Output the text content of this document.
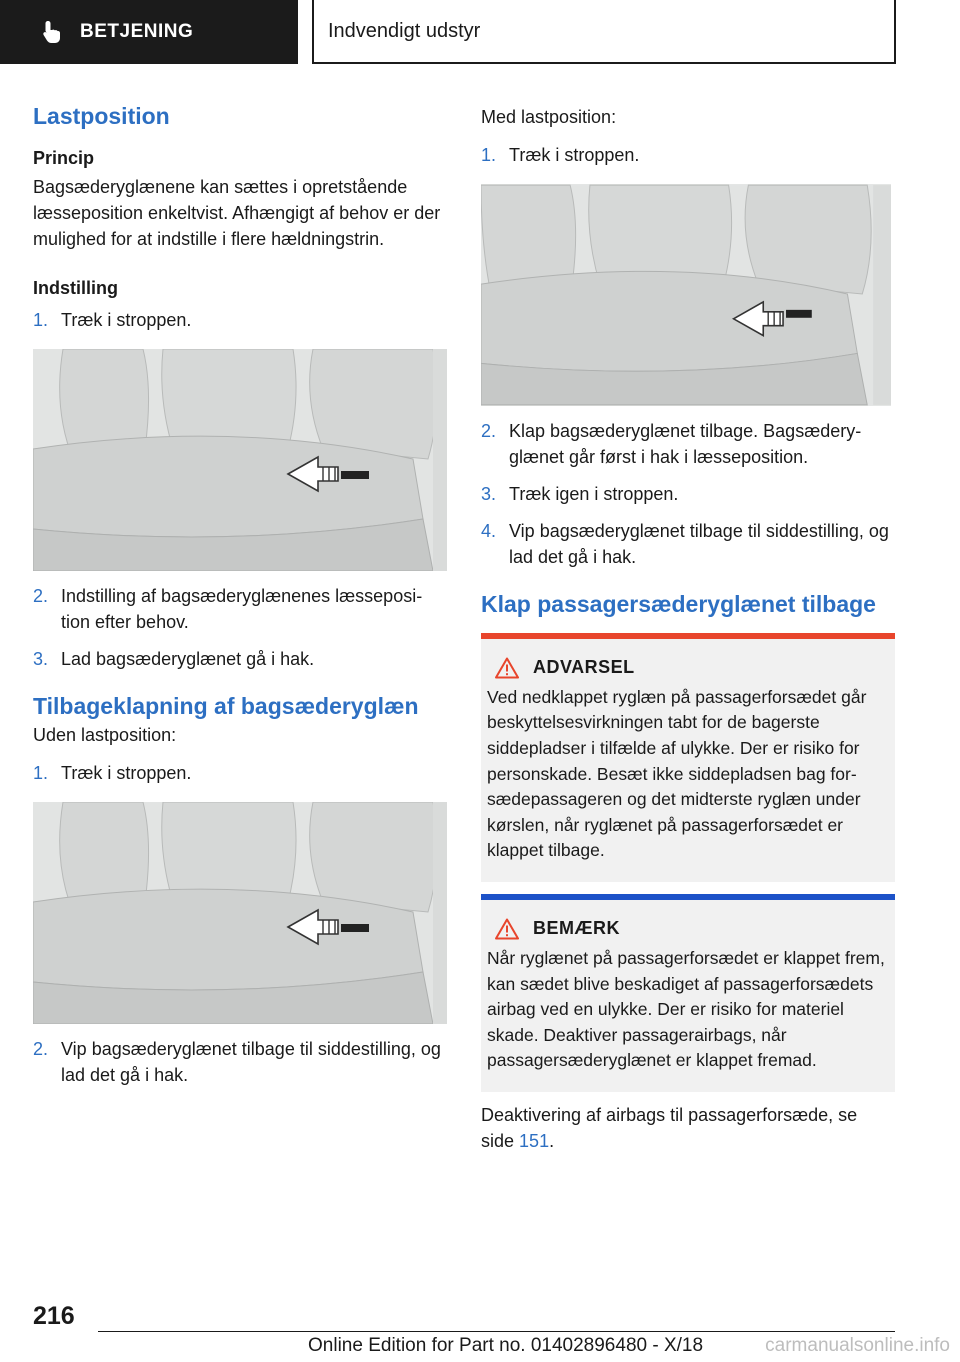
BETJENING	Indvendigt udstyr
Lastposition
Princip

Bagsæderyglænene kan sættes i opretstående læsseposition enkeltvist. Afhængigt af behov er der mulighed for at indstille i flere hældningstrin.

Indstilling
1. Træk i stroppen.
2. Indstilling af bagsæderyglænenes læsseposition efter behov.
3. Lad bagsæderyglænet gå i hak.
Tilbageklapning af bagsæderyglæn

Uden lastposition:

1. Træk i stroppen.
2. Vip bagsæderyglænet tilbage til siddestilling, og lad det gå i hak.

Med lastposition:

1. Træk i stroppen.
2. Klap bagsæderyglænet tilbage. Bagsæderyglænet går først i hak i læsseposition.
3. Træk igen i stroppen.
4. Vip bagsæderyglænet tilbage til siddestilling, og lad det gå i hak.
Klap passagersæderyglænet tilbage
ADVARSEL

Ved nedklappet ryglæn på passagerforsædet går beskyttelsesvirkningen tabt for de bagerste siddepladser i tilfælde af ulykke. Der er risiko for personskade. Besæt ikke siddepladsen bag forsædepassageren og det midterste ryglæn under kørslen, når ryglænet på passagerforsædet er klappet tilbage.

BEMÆRK

Når ryglænet på passagerforsædet er klappet frem, kan sædet blive beskadiget af passagerforsædets airbag ved en ulykke. Der er risiko for materiel skade. Deaktiver passagerairbags, når passagersæderyglænet er klappet fremad.

Deaktivering af airbags til passagerforsæde, se side 151.

216
Online Edition for Part no. 01402896480 - X/18	carmanualsonline.info
